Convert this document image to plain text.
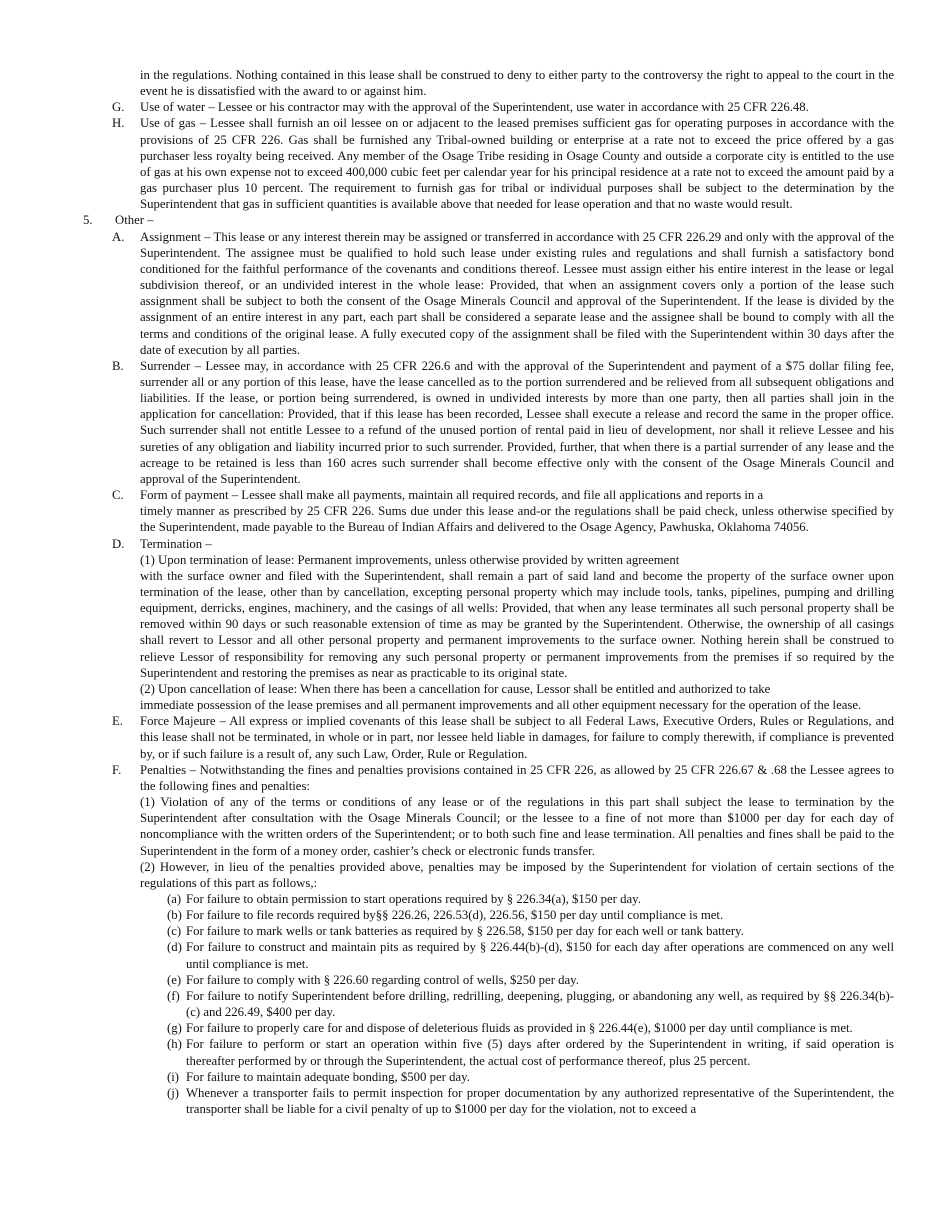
in the regulations. Nothing contained in this lease shall be construed to deny to either party to the controversy the right to appeal to the court in the event he is dissatisfied with the award to or against him.

G. Use of water – Lessee or his contractor may with the approval of the Superintendent, use water in accordance with 25 CFR 226.48.

H. Use of gas – Lessee shall furnish an oil lessee on or adjacent to the leased premises sufficient gas for operating purposes in accordance with the provisions of 25 CFR 226. Gas shall be furnished any Tribal-owned building or enterprise at a rate not to exceed the price offered by a gas purchaser less royalty being received. Any member of the Osage Tribe residing in Osage County and outside a corporate city is entitled to the use of gas at his own expense not to exceed 400,000 cubic feet per calendar year for his principal residence at a rate not to exceed the amount paid by a gas purchaser plus 10 percent. The requirement to furnish gas for tribal or individual purposes shall be subject to the determination by the Superintendent that gas in sufficient quantities is available above that needed for lease operation and that no waste would result.

5. Other –

A. Assignment – This lease or any interest therein may be assigned or transferred in accordance with 25 CFR 226.29 and only with the approval of the Superintendent. The assignee must be qualified to hold such lease under existing rules and regulations and shall furnish a satisfactory bond conditioned for the faithful performance of the covenants and conditions thereof. Lessee must assign either his entire interest in the lease or legal subdivision thereof, or an undivided interest in the whole lease: Provided, that when an assignment covers only a portion of the lease such assignment shall be subject to both the consent of the Osage Minerals Council and approval of the Superintendent. If the lease is divided by the assignment of an entire interest in any part, each part shall be considered a separate lease and the assignee shall be bound to comply with all the terms and conditions of the original lease. A fully executed copy of the assignment shall be filed with the Superintendent within 30 days after the date of execution by all parties.

B. Surrender – Lessee may, in accordance with 25 CFR 226.6 and with the approval of the Superintendent and payment of a $75 dollar filing fee, surrender all or any portion of this lease, have the lease cancelled as to the portion surrendered and be relieved from all subsequent obligations and liabilities. If the lease, or portion being surrendered, is owned in undivided interests by more than one party, then all parties shall join in the application for cancellation: Provided, that if this lease has been recorded, Lessee shall execute a release and record the same in the proper office. Such surrender shall not entitle Lessee to a refund of the unused portion of rental paid in lieu of development, nor shall it relieve Lessee and his sureties of any obligation and liability incurred prior to such surrender. Provided, further, that when there is a partial surrender of any lease and the acreage to be retained is less than 160 acres such surrender shall become effective only with the consent of the Osage Minerals Council and approval of the Superintendent.

C. Form of payment – Lessee shall make all payments, maintain all required records, and file all applications and reports in a
timely manner as prescribed by 25 CFR 226. Sums due under this lease and-or the regulations shall be paid check, unless otherwise specified by the Superintendent, made payable to the Bureau of Indian Affairs and delivered to the Osage Agency, Pawhuska, Oklahoma 74056.
D. Termination –
(1) Upon termination of lease: Permanent improvements, unless otherwise provided by written agreement
with the surface owner and filed with the Superintendent, shall remain a part of said land and become the property of the surface owner upon termination of the lease, other than by cancellation, excepting personal property which may include tools, tanks, pipelines, pumping and drilling equipment, derricks, engines, machinery, and the casings of all wells: Provided, that when any lease terminates all such personal property shall be removed within 90 days or such reasonable extension of time as may be granted by the Superintendent. Otherwise, the ownership of all casings shall revert to Lessor and all other personal property and permanent improvements to the surface owner. Nothing herein shall be construed to relieve Lessor of responsibility for removing any such personal property or permanent improvements from the premises if so required by the Superintendent and restoring the premises as near as practicable to its original state.
(2) Upon cancellation of lease: When there has been a cancellation for cause, Lessor shall be entitled and authorized to take
immediate possession of the lease premises and all permanent improvements and all other equipment necessary for the operation of the lease.

E. Force Majeure – All express or implied covenants of this lease shall be subject to all Federal Laws, Executive Orders, Rules or Regulations, and this lease shall not be terminated, in whole or in part, nor lessee held liable in damages, for failure to comply therewith, if compliance is prevented by, or if such failure is a result of, any such Law, Order, Rule or Regulation.

F. Penalties – Notwithstanding the fines and penalties provisions contained in 25 CFR 226, as allowed by 25 CFR 226.67 & .68 the Lessee agrees to the following fines and penalties:
(1) Violation of any of the terms or conditions of any lease or of the regulations in this part shall subject the lease to termination by the Superintendent after consultation with the Osage Minerals Council; or the lessee to a fine of not more than $1000 per day for each day of noncompliance with the written orders of the Superintendent; or to both such fine and lease termination. All penalties and fines shall be paid to the Superintendent in the form of a money order, cashier’s check or electronic funds transfer.
(2) However, in lieu of the penalties provided above, penalties may be imposed by the Superintendent for violation of certain sections of the regulations of this part as follows,:

(a) For failure to obtain permission to start operations required by § 226.34(a), $150 per day.

(b) For failure to file records required by§§ 226.26, 226.53(d), 226.56, $150 per day until compliance is met.

(c) For failure to mark wells or tank batteries as required by § 226.58, $150 per day for each well or tank battery.

(d) For failure to construct and maintain pits as required by § 226.44(b)-(d), $150 for each day after operations are commenced on any well until compliance is met.

(e) For failure to comply with § 226.60 regarding control of wells, $250 per day.

(f) For failure to notify Superintendent before drilling, redrilling, deepening, plugging, or abandoning any well, as required by §§ 226.34(b)-(c) and 226.49, $400 per day.

(g) For failure to properly care for and dispose of deleterious fluids as provided in § 226.44(e), $1000 per day until compliance is met.

(h) For failure to perform or start an operation within five (5) days after ordered by the Superintendent in writing, if said operation is thereafter performed by or through the Superintendent, the actual cost of performance thereof, plus 25 percent.

(i) For failure to maintain adequate bonding, $500 per day.

(j) Whenever a transporter fails to permit inspection for proper documentation by any authorized representative of the Superintendent, the transporter shall be liable for a civil penalty of up to $1000 per day for the violation, not to exceed a
